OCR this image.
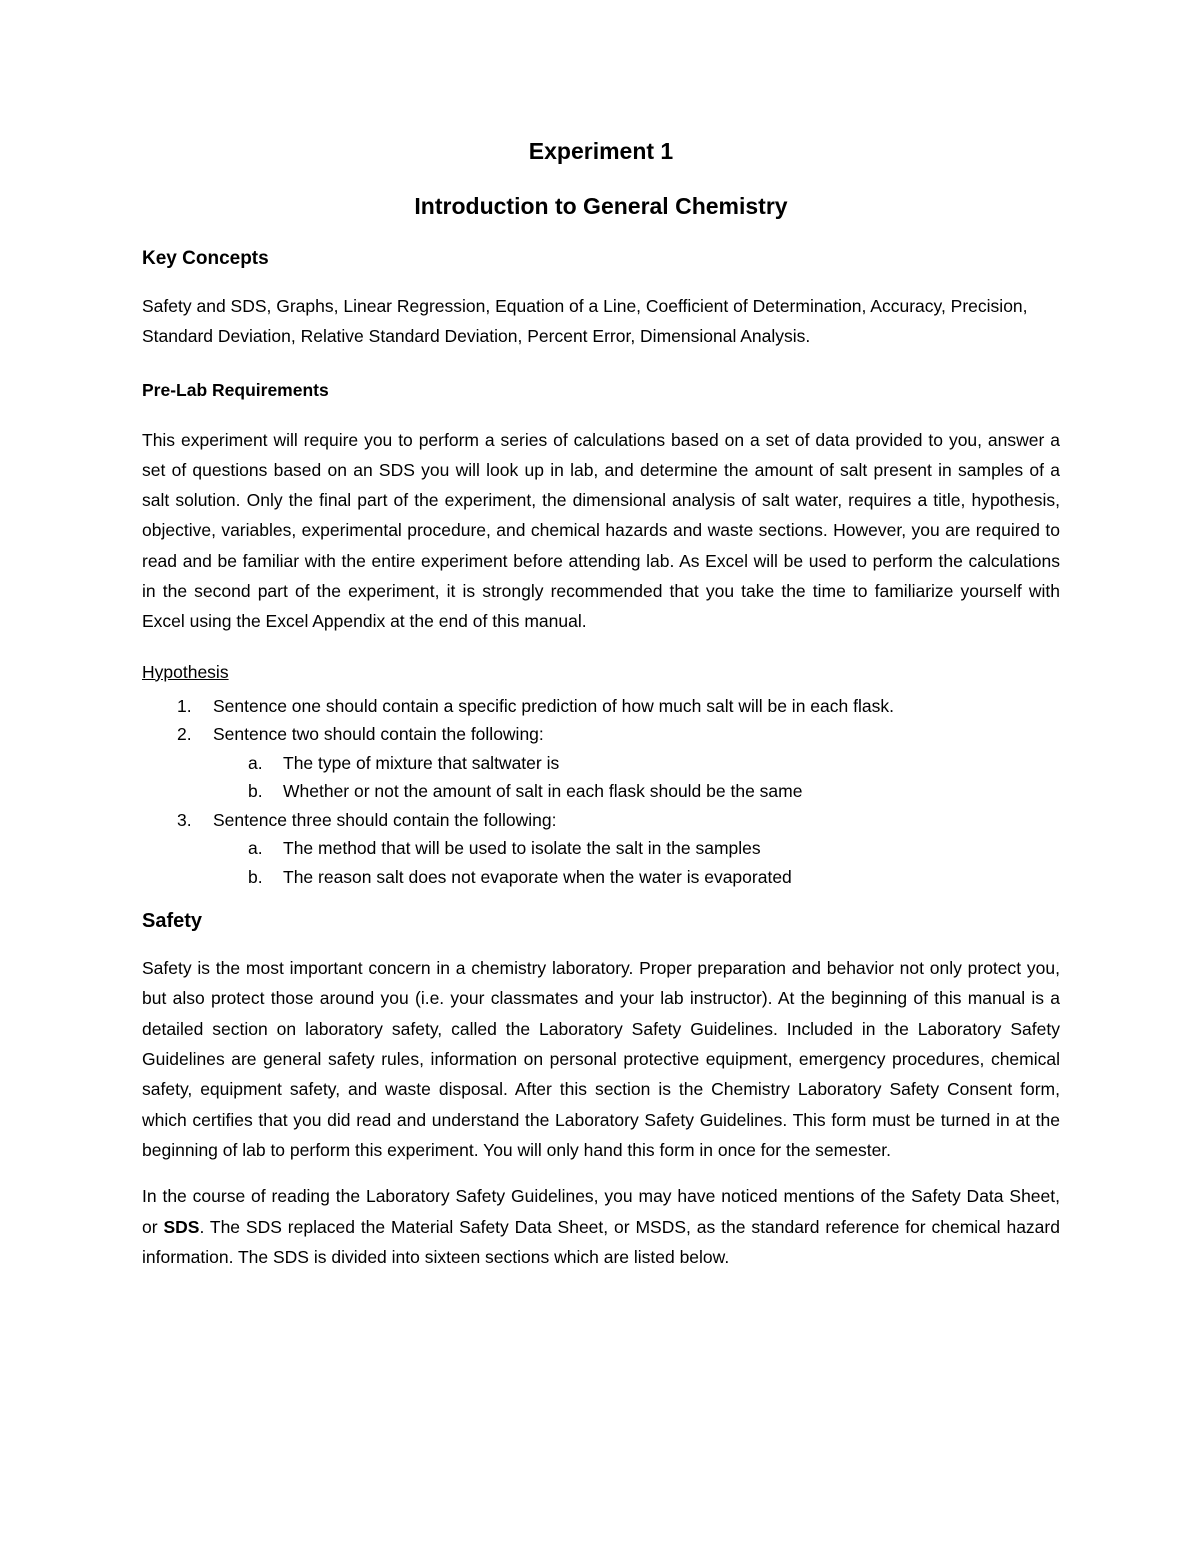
Experiment 1
Introduction to General Chemistry
Key Concepts

Safety and SDS, Graphs, Linear Regression, Equation of a Line, Coefficient of Determination, Accuracy, Precision, Standard Deviation, Relative Standard Deviation, Percent Error, Dimensional Analysis.

Pre-Lab Requirements

This experiment will require you to perform a series of calculations based on a set of data provided to you, answer a set of questions based on an SDS you will look up in lab, and determine the amount of salt present in samples of a salt solution. Only the final part of the experiment, the dimensional analysis of salt water, requires a title, hypothesis, objective, variables, experimental procedure, and chemical hazards and waste sections. However, you are required to read and be familiar with the entire experiment before attending lab. As Excel will be used to perform the calculations in the second part of the experiment, it is strongly recommended that you take the time to familiarize yourself with Excel using the Excel Appendix at the end of this manual.

Hypothesis
1. Sentence one should contain a specific prediction of how much salt will be in each flask.
2. Sentence two should contain the following:
a. The type of mixture that saltwater is
b. Whether or not the amount of salt in each flask should be the same
3. Sentence three should contain the following:
a. The method that will be used to isolate the salt in the samples
b. The reason salt does not evaporate when the water is evaporated
Safety

Safety is the most important concern in a chemistry laboratory. Proper preparation and behavior not only protect you, but also protect those around you (i.e. your classmates and your lab instructor). At the beginning of this manual is a detailed section on laboratory safety, called the Laboratory Safety Guidelines. Included in the Laboratory Safety Guidelines are general safety rules, information on personal protective equipment, emergency procedures, chemical safety, equipment safety, and waste disposal. After this section is the Chemistry Laboratory Safety Consent form, which certifies that you did read and understand the Laboratory Safety Guidelines. This form must be turned in at the beginning of lab to perform this experiment. You will only hand this form in once for the semester.

In the course of reading the Laboratory Safety Guidelines, you may have noticed mentions of the Safety Data Sheet, or SDS. The SDS replaced the Material Safety Data Sheet, or MSDS, as the standard reference for chemical hazard information. The SDS is divided into sixteen sections which are listed below.
